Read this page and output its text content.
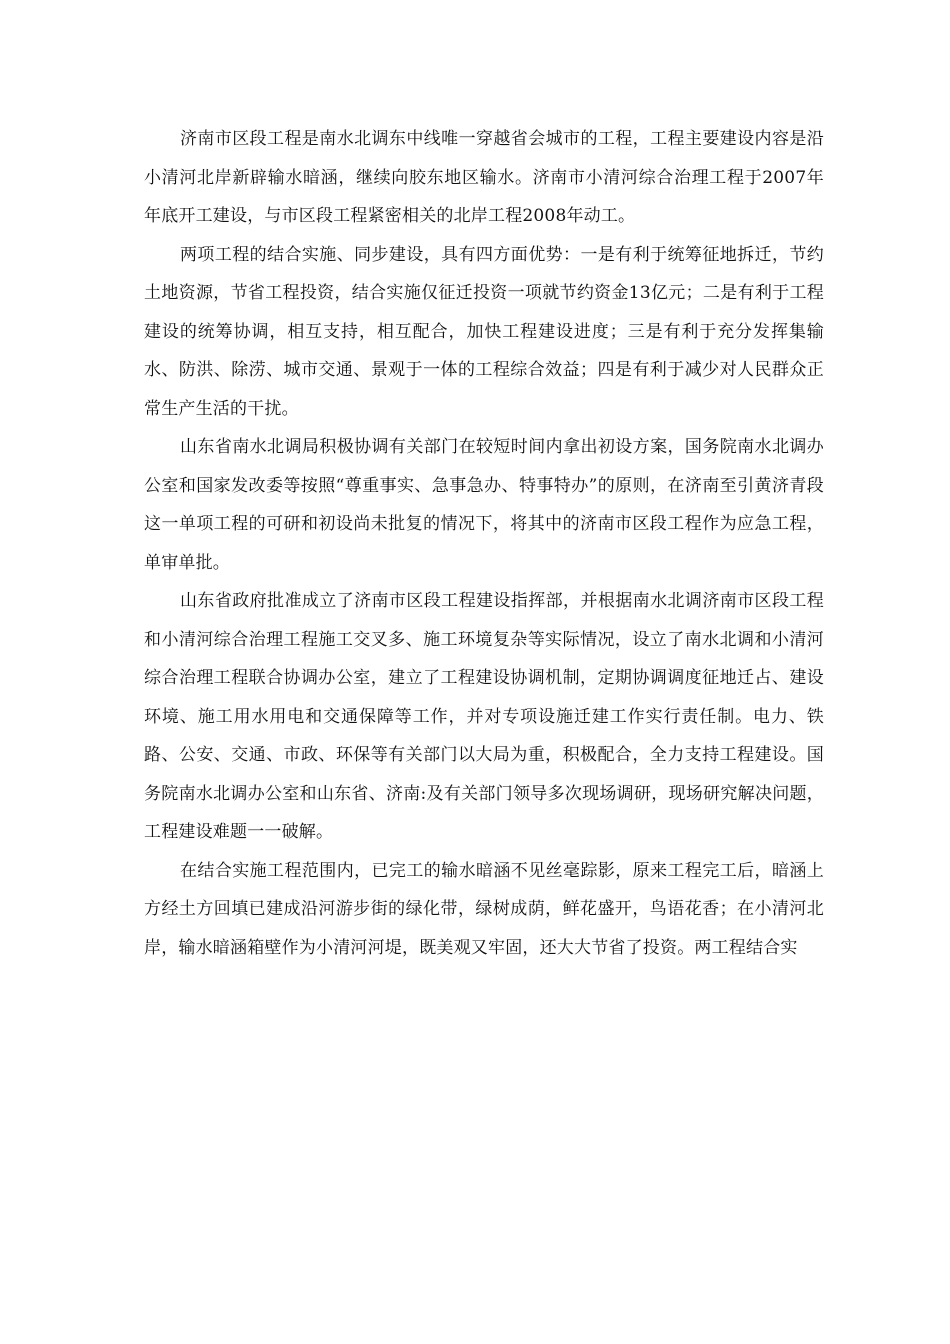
济南市区段工程是南水北调东中线唯一穿越省会城市的工程，工程主要建设内容是沿小清河北岸新辟输水暗涵，继续向胶东地区输水。济南市小清河综合治理工程于2007年年底开工建设，与市区段工程紧密相关的北岸工程2008年动工。

两项工程的结合实施、同步建设，具有四方面优势：一是有利于统筹征地拆迁，节约土地资源，节省工程投资，结合实施仅征迁投资一项就节约资金13亿元；二是有利于工程建设的统筹协调，相互支持，相互配合，加快工程建设进度；三是有利于充分发挥集输水、防洪、除涝、城市交通、景观于一体的工程综合效益；四是有利于减少对人民群众正常生产生活的干扰。

山东省南水北调局积极协调有关部门在较短时间内拿出初设方案，国务院南水北调办公室和国家发改委等按照“尊重事实、急事急办、特事特办”的原则，在济南至引黄济青段这一单项工程的可研和初设尚未批复的情况下，将其中的济南市区段工程作为应急工程，单审单批。

山东省政府批准成立了济南市区段工程建设指挥部，并根据南水北调济南市区段工程和小清河综合治理工程施工交叉多、施工环境复杂等实际情况，设立了南水北调和小清河综合治理工程联合协调办公室，建立了工程建设协调机制，定期协调调度征地迁占、建设环境、施工用水用电和交通保障等工作，并对专项设施迁建工作实行责任制。电力、铁路、公安、交通、市政、环保等有关部门以大局为重，积极配合，全力支持工程建设。国务院南水北调办公室和山东省、济南:及有关部门领导多次现场调研，现场研究解决问题，工程建设难题一一破解。

在结合实施工程范围内，已完工的输水暗涵不见丝毫踪影，原来工程完工后，暗涵上方经土方回填已建成沿河游步街的绿化带，绿树成荫，鲜花盛开，鸟语花香；在小清河北岸，输水暗涵箱壁作为小清河河堤，既美观又牢固，还大大节省了投资。两工程结合实
